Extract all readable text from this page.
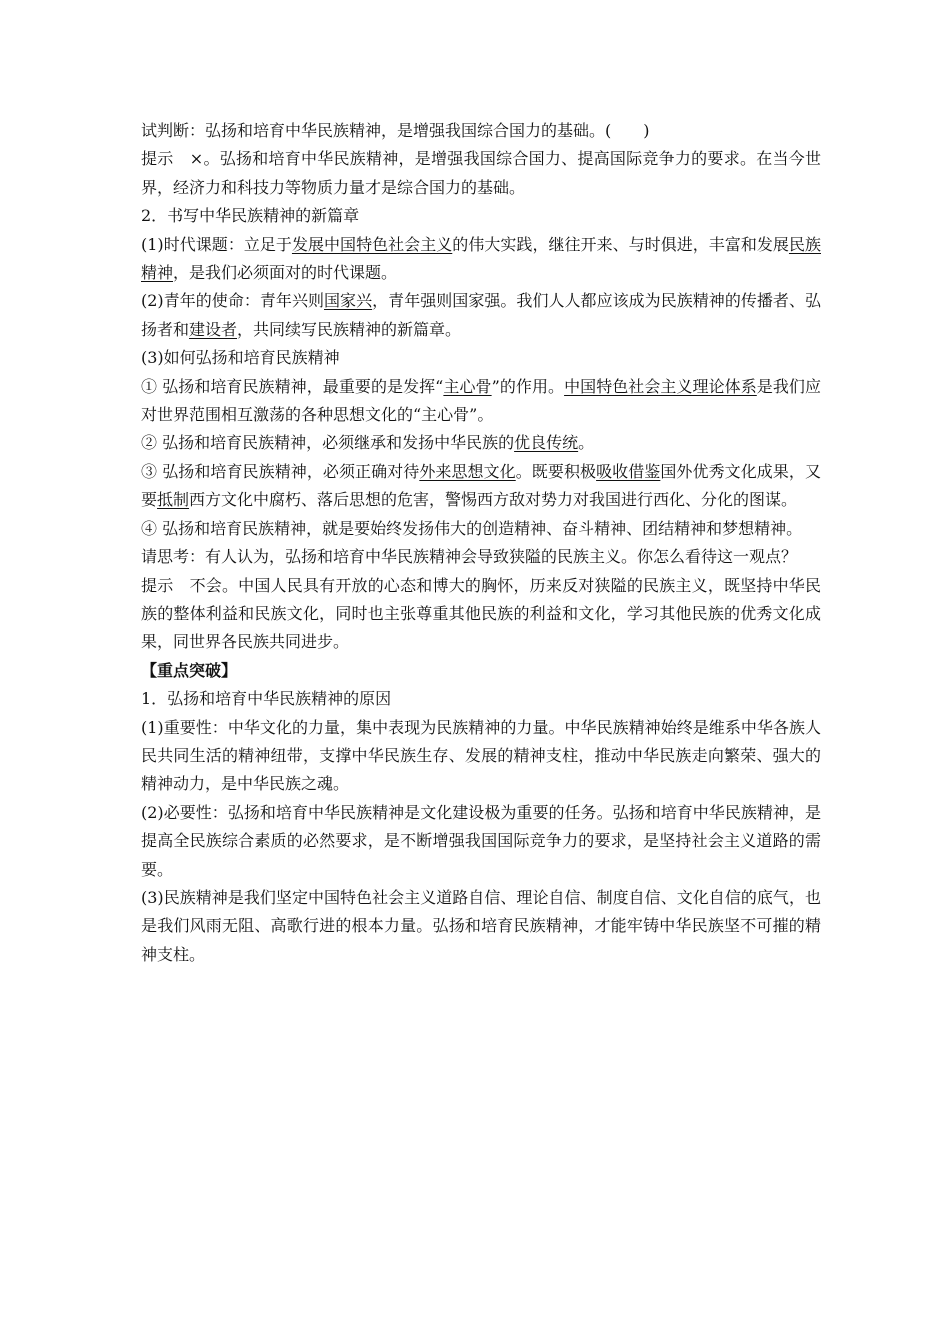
试判断：弘扬和培育中华民族精神，是增强我国综合国力的基础。(　　)

提示　×。弘扬和培育中华民族精神，是增强我国综合国力、提高国际竞争力的要求。在当今世界，经济力和科技力等物质力量才是综合国力的基础。

2．书写中华民族精神的新篇章

(1)时代课题：立足于发展中国特色社会主义的伟大实践，继往开来、与时俱进，丰富和发展民族精神，是我们必须面对的时代课题。

(2)青年的使命：青年兴则国家兴，青年强则国家强。我们人人都应该成为民族精神的传播者、弘扬者和建设者，共同续写民族精神的新篇章。

(3)如何弘扬和培育民族精神

① 弘扬和培育民族精神，最重要的是发挥“主心骨”的作用。中国特色社会主义理论体系是我们应对世界范围相互激荡的各种思想文化的“主心骨”。

② 弘扬和培育民族精神，必须继承和发扬中华民族的优良传统。

③ 弘扬和培育民族精神，必须正确对待外来思想文化。既要积极吸收借鉴国外优秀文化成果，又要抵制西方文化中腐朽、落后思想的危害，警惕西方敌对势力对我国进行西化、分化的图谋。

④ 弘扬和培育民族精神，就是要始终发扬伟大的创造精神、奋斗精神、团结精神和梦想精神。

请思考：有人认为，弘扬和培育中华民族精神会导致狭隘的民族主义。你怎么看待这一观点？

提示　不会。中国人民具有开放的心态和博大的胸怀，历来反对狭隘的民族主义，既坚持中华民族的整体利益和民族文化，同时也主张尊重其他民族的利益和文化，学习其他民族的优秀文化成果，同世界各民族共同进步。

【重点突破】

1．弘扬和培育中华民族精神的原因

(1)重要性：中华文化的力量，集中表现为民族精神的力量。中华民族精神始终是维系中华各族人民共同生活的精神纽带，支撑中华民族生存、发展的精神支柱，推动中华民族走向繁荣、强大的精神动力，是中华民族之魂。

(2)必要性：弘扬和培育中华民族精神是文化建设极为重要的任务。弘扬和培育中华民族精神，是提高全民族综合素质的必然要求，是不断增强我国国际竞争力的要求，是坚持社会主义道路的需要。

(3)民族精神是我们坚定中国特色社会主义道路自信、理论自信、制度自信、文化自信的底气，也是我们风雨无阻、高歌行进的根本力量。弘扬和培育民族精神，才能牢铸中华民族坚不可摧的精神支柱。
